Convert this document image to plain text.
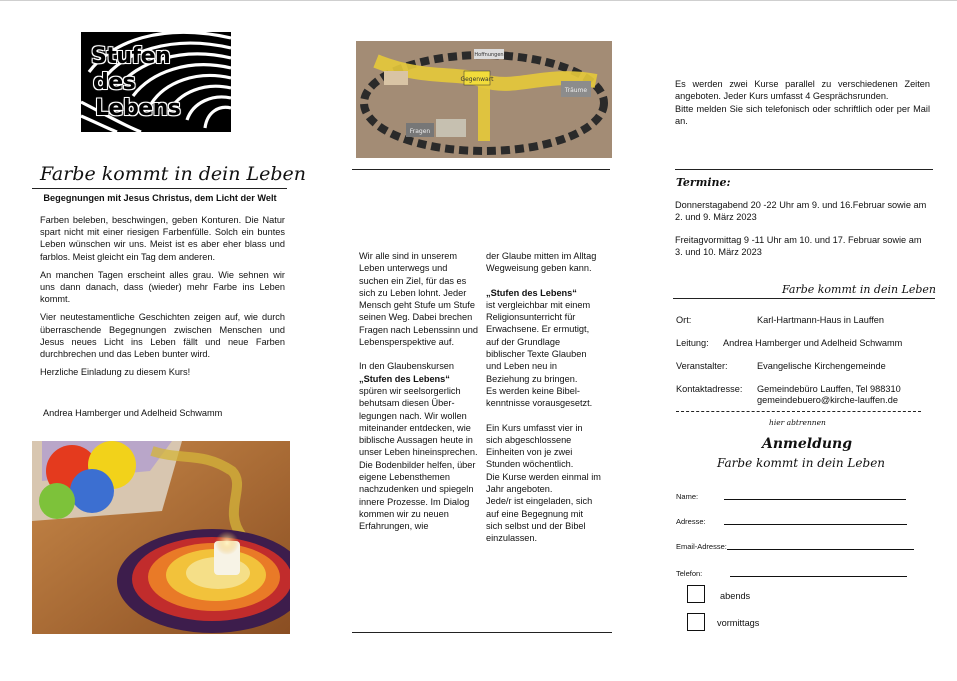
Stufen
des
Lebens
Farbe kommt in dein Leben
Begegnungen mit Jesus Christus, dem Licht der Welt

Farben beleben, beschwingen, geben Konturen. Die Natur spart nicht mit einer riesigen Farbenfülle. Solch ein buntes Leben wünschen wir uns. Meist ist es aber eher blass und farblos. Meist gleicht ein Tag dem anderen.

An manchen Tagen erscheint alles grau. Wie sehnen wir uns dann danach, dass (wieder) mehr Farbe ins Leben kommt.

Vier neutestamentliche Geschichten zeigen auf, wie durch überraschende Begegnungen zwischen Menschen und Jesus neues Licht ins Leben fällt und neue Farben durchbrechen und das Leben bunter wird.

Herzliche Einladung zu diesem Kurs!

Andrea Hamberger und Adelheid Schwamm
Gegenwart
Träume
Hoffnungen
Fragen

Wir alle sind in unserem Leben unterwegs und suchen ein Ziel, für das es sich zu Leben lohnt. Jeder Mensch geht Stufe um Stufe seinen Weg. Dabei brechen Fragen nach Lebenssinn und Lebensperspektive auf.

In den Glaubenskursen
„Stufen des Lebens“
spüren wir seelsorgerlich behutsam diesen Über-legungen nach. Wir wollen miteinander entdecken, wie biblische Aussagen heute in unser Leben hineinsprechen.
Die Bodenbilder helfen, über eigene Lebensthemen nachzudenken und spiegeln innere Prozesse. Im Dialog kommen wir zu neuen Erfahrungen, wie

der Glaube mitten im Alltag Wegweisung geben kann.

„Stufen des Lebens“
ist vergleichbar mit einem Religionsunterricht für Erwachsene. Er ermutigt, auf der Grundlage biblischer Texte Glauben und Leben neu in Beziehung zu bringen.

Es werden keine Bibel-kenntnisse vorausgesetzt.

Ein Kurs umfasst vier in sich abgeschlossene Einheiten von je zwei Stunden wöchentlich.
Die Kurse werden einmal im Jahr angeboten.
Jede/r ist eingeladen, sich auf eine Begegnung mit sich selbst und der Bibel einzulassen.
Es werden zwei Kurse parallel zu verschiedenen Zeiten angeboten. Jeder Kurs umfasst 4 Gesprächsrunden.
Bitte melden Sie sich telefonisch oder schriftlich oder per Mail an.
Termine:
Donnerstagabend 20 -22 Uhr am 9. und 16.Februar sowie am 2. und 9. März 2023
Freitagvormittag 9 -11 Uhr am 10. und 17. Februar sowie am 3. und 10. März 2023
Farbe kommt in dein Leben
Ort:	Karl-Hartmann-Haus in Lauffen
Leitung: Andrea Hamberger und Adelheid Schwamm
Veranstalter:	Evangelische Kirchengemeinde
Kontaktadresse: Gemeindebüro Lauffen, Tel 988310
gemeindebuero@kirche-lauffen.de
hier abtrennen
Anmeldung
Farbe kommt in dein Leben
Name:
Adresse:
Email-Adresse:
Telefon:
abends
vormittags
